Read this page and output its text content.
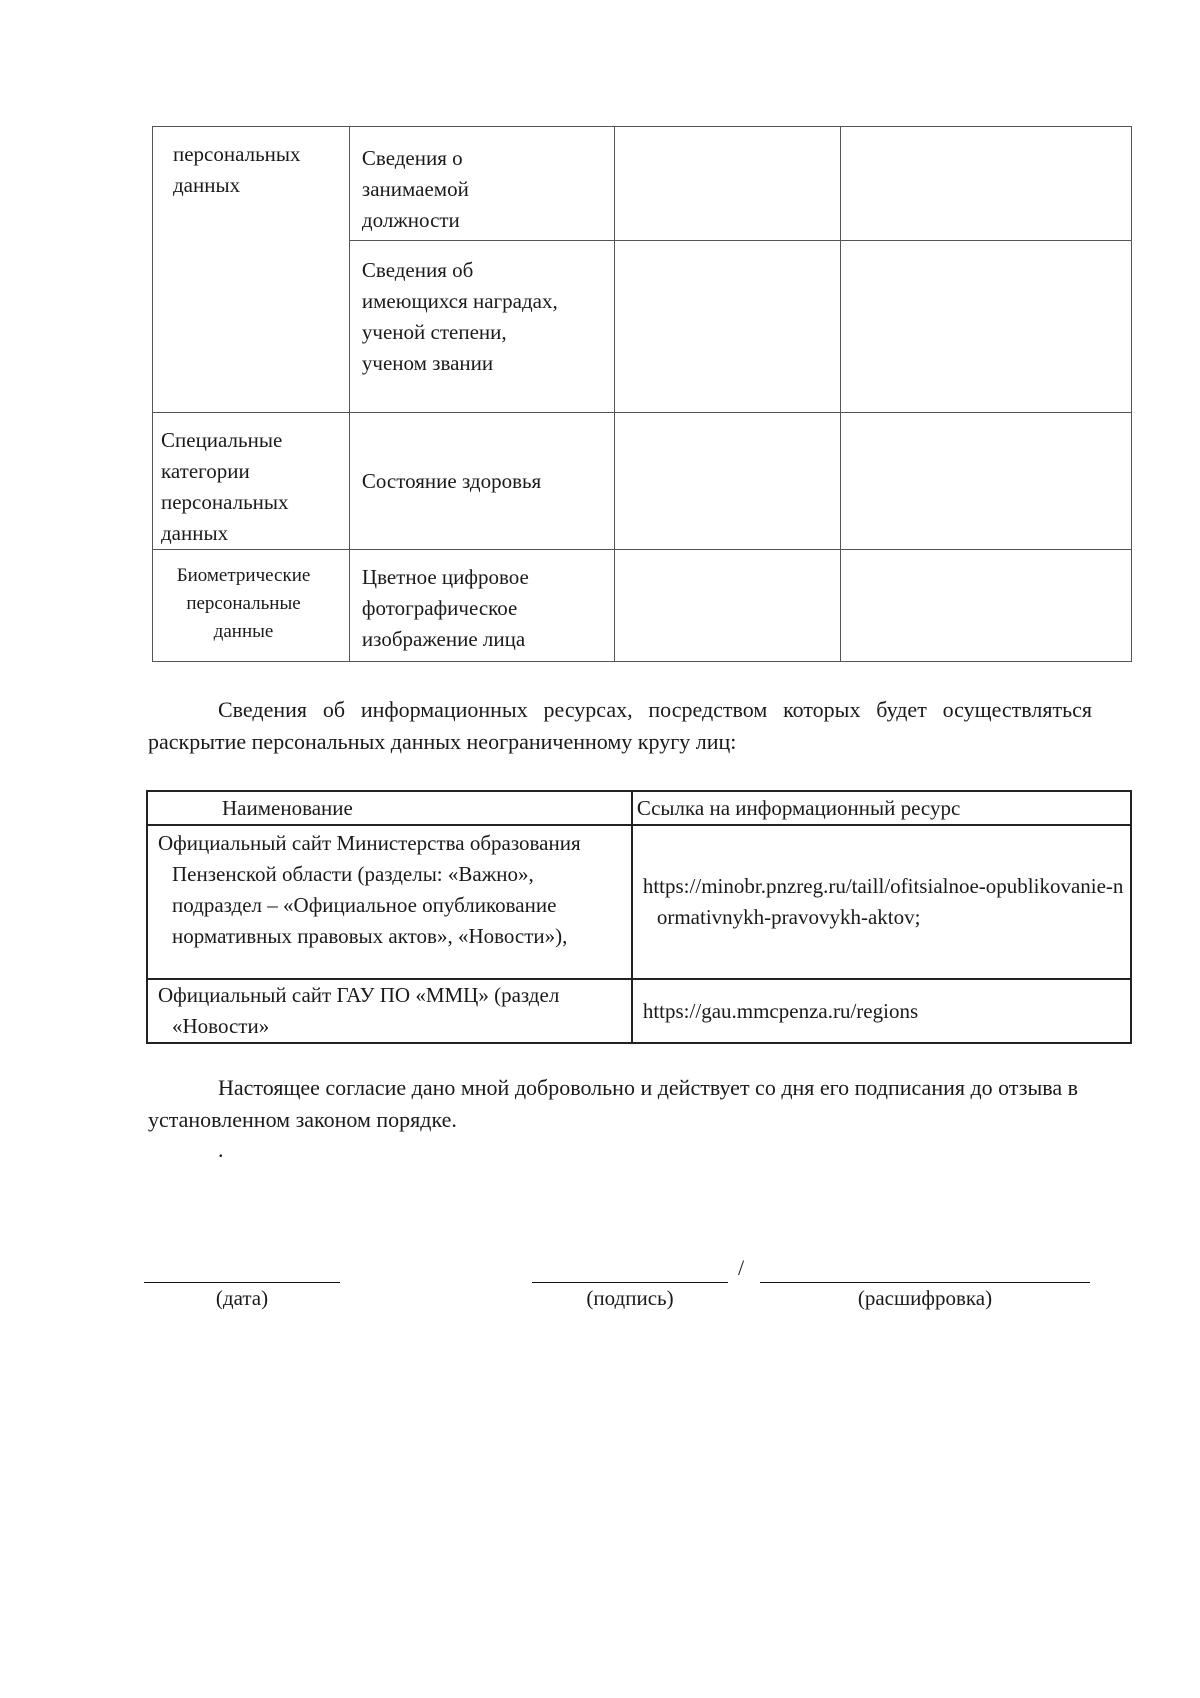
персональных данных	Сведения о занимаемой должности		

	Сведения об имеющихся наградах, ученой степени, ученом звании		

Специальные категории персональных данных	Состояние здоровья		

Биометрические персональные данные	Цветное цифровое фотографическое изображение лица		

Сведения об информационных ресурсах, посредством которых будет осуществляться раскрытие персональных данных неограниченному кругу лиц:
Наименование	Ссылка на информационный ресурс

Официальный сайт Министерства образования Пензенской области (разделы: «Важно», подраздел – «Официальное опубликование нормативных правовых актов», «Новости»),	https://minobr.pnzreg.ru/taill/ofitsialnoe-opublikovanie-normativnykh-pravovykh-aktov;

Официальный сайт ГАУ ПО «ММЦ» (раздел «Новости»	https://gau.mmcpenza.ru/regions
Настоящее согласие дано мной добровольно и действует со дня его подписания до отзыва в установленном законом порядке.
.
(дата)	(подпись)
/
(расшифровка)
